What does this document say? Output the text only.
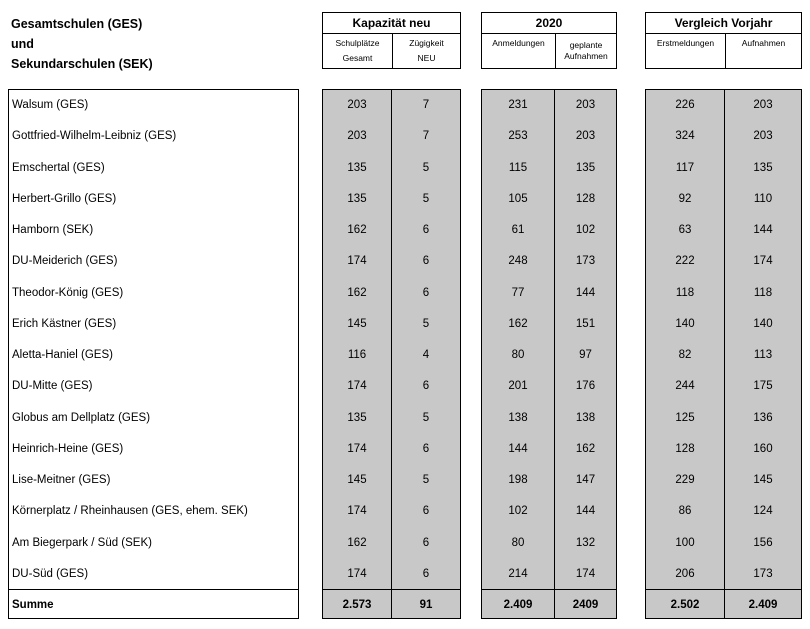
Gesamtschulen (GES)
und
Sekundarschulen (SEK)
Kapazität neu
Schulplätze
Gesamt
Zügigkeit
NEU
2020
Anmeldungen	geplante
Aufnahmen
Vergleich Vorjahr
Erstmeldungen	Aufnahmen
Walsum (GES)
Gottfried-Wilhelm-Leibniz (GES)
Emschertal (GES)
Herbert-Grillo (GES)
Hamborn (SEK)
DU-Meiderich (GES)
Theodor-König (GES)
Erich Kästner (GES)
Aletta-Haniel (GES)
DU-Mitte (GES)
Globus am Dellplatz (GES)
Heinrich-Heine (GES)
Lise-Meitner (GES)
Körnerplatz / Rheinhausen (GES, ehem. SEK)
Am Biegerpark / Süd (SEK)
DU-Süd (GES)
Summe
203
203
135
135
162
174
162
145
116
174
135
174
145
174
162
174
2.573
7
7
5
5
6
6
6
5
4
6
5
6
5
6
6
6
91
231
253
115
105
61
248
77
162
80
201
138
144
198
102
80
214
2.409
203
203
135
128
102
173
144
151
97
176
138
162
147
144
132
174
2409
226
324
117
92
63
222
118
140
82
244
125
128
229
86
100
206
2.502
203
203
135
110
144
174
118
140
113
175
136
160
145
124
156
173
2.409
